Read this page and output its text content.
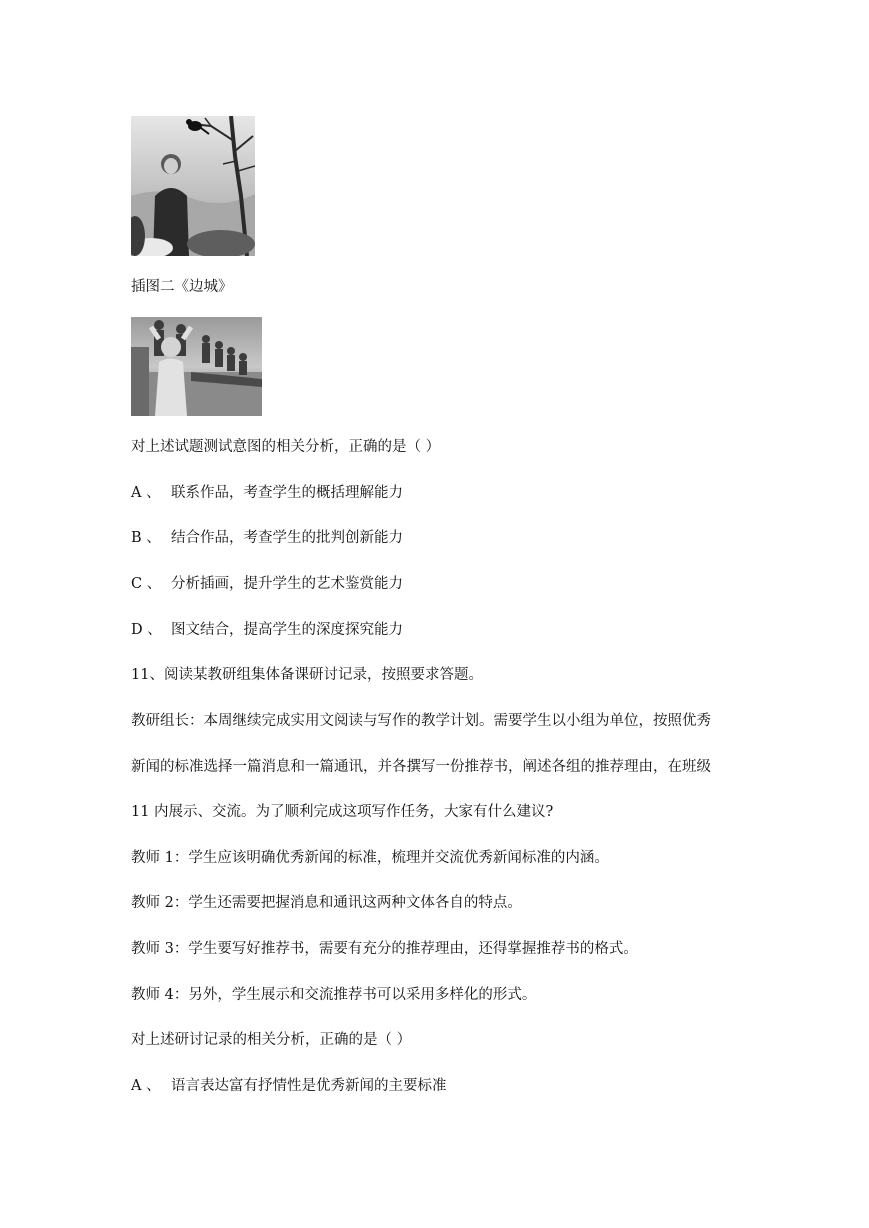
插图二《边城》
对上述试题测试意图的相关分析，正确的是（ ）
A 、 联系作品，考查学生的概括理解能力
B 、 结合作品，考查学生的批判创新能力
C 、 分析插画，提升学生的艺术鉴赏能力
D 、 图文结合，提高学生的深度探究能力
11、阅读某教研组集体备课研讨记录，按照要求答题。
教研组长：本周继续完成实用文阅读与写作的教学计划。需要学生以小组为单位，按照优秀
新闻的标准选择一篇消息和一篇通讯，并各撰写一份推荐书，阐述各组的推荐理由，在班级
11 内展示、交流。为了顺利完成这项写作任务，大家有什么建议?
教师 1：学生应该明确优秀新闻的标准，梳理并交流优秀新闻标准的内涵。
教师 2：学生还需要把握消息和通讯这两种文体各自的特点。
教师 3：学生要写好推荐书，需要有充分的推荐理由，还得掌握推荐书的格式。
教师 4：另外，学生展示和交流推荐书可以采用多样化的形式。
对上述研讨记录的相关分析，正确的是（ ）
A 、 语言表达富有抒情性是优秀新闻的主要标准
